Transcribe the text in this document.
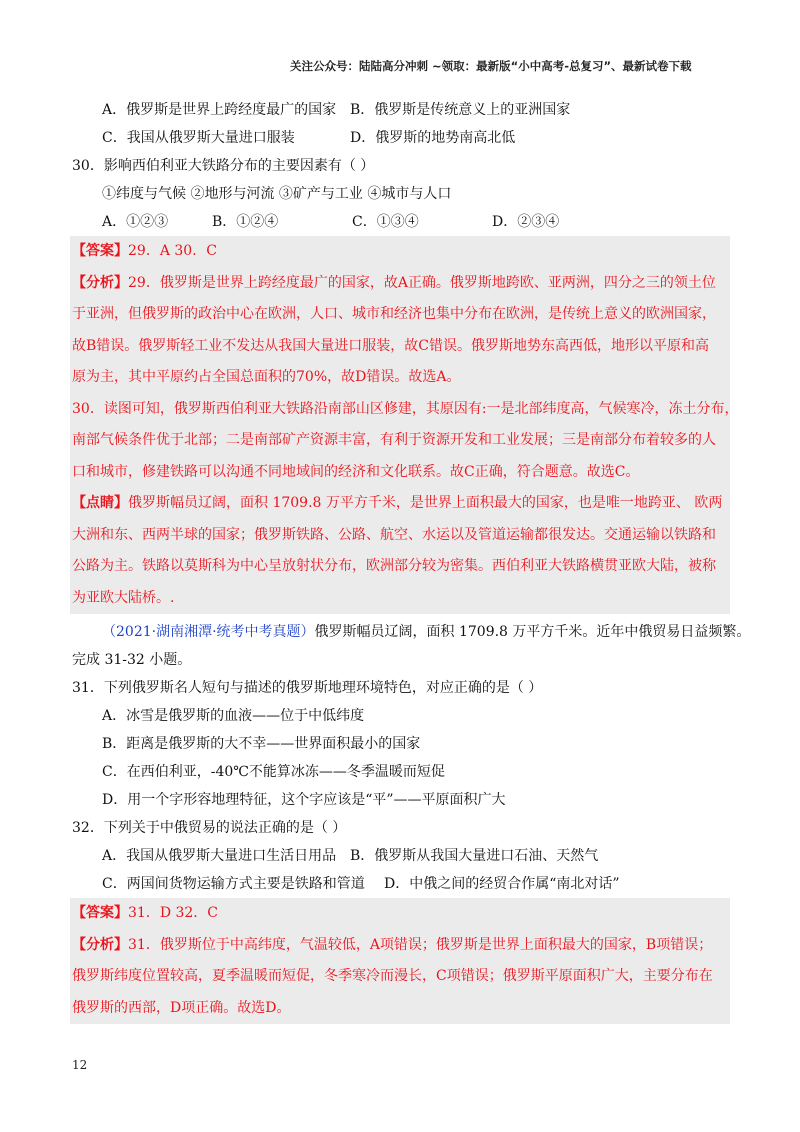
关注公众号：陆陆高分冲刺 ~领取：最新版“小中高考-总复习”、最新试卷下载
A．俄罗斯是世界上跨经度最广的国家 B．俄罗斯是传统意义上的亚洲国家
C．我国从俄罗斯大量进口服装	D．俄罗斯的地势南高北低
30．影响西伯利亚大铁路分布的主要因素有（ ）
①纬度与气候 ②地形与河流 ③矿产与工业 ④城市与人口
A．①②③	B．①②④	C．①③④	D．②③④
【答案】29．A 30．C
【分析】29．俄罗斯是世界上跨经度最广的国家，故A正确。俄罗斯地跨欧、亚两洲，四分之三的领土位
于亚洲，但俄罗斯的政治中心在欧洲，人口、城市和经济也集中分布在欧洲，是传统上意义的欧洲国家，
故B错误。俄罗斯轻工业不发达从我国大量进口服装，故C错误。俄罗斯地势东高西低，地形以平原和高
原为主，其中平原约占全国总面积的70%，故D错误。故选A。
30．读图可知，俄罗斯西伯利亚大铁路沿南部山区修建，其原因有:一是北部纬度高，气候寒冷，冻土分布，
南部气候条件优于北部；二是南部矿产资源丰富，有利于资源开发和工业发展；三是南部分布着较多的人
口和城市，修建铁路可以沟通不同地域间的经济和文化联系。故C正确，符合题意。故选C。
【点睛】俄罗斯幅员辽阔，面积 1709.8 万平方千米，是世界上面积最大的国家，也是唯一地跨亚、 欧两
大洲和东、西两半球的国家；俄罗斯铁路、公路、航空、水运以及管道运输都很发达。交通运输以铁路和
公路为主。铁路以莫斯科为中心呈放射状分布，欧洲部分较为密集。西伯利亚大铁路横贯亚欧大陆，被称
为亚欧大陆桥。.
（2021·湖南湘潭·统考中考真题）俄罗斯幅员辽阔，面积 1709.8 万平方千米。近年中俄贸易日益频繁。
完成 31-32 小题。
31．下列俄罗斯名人短句与描述的俄罗斯地理环境特色，对应正确的是（ ）
A．冰雪是俄罗斯的血液——位于中低纬度
B．距离是俄罗斯的大不幸——世界面积最小的国家
C．在西伯利亚，-40℃不能算冰冻——冬季温暖而短促
D．用一个字形容地理特征，这个字应该是“平”——平原面积广大
32．下列关于中俄贸易的说法正确的是（ ）
A．我国从俄罗斯大量进口生活日用品 B．俄罗斯从我国大量进口石油、天然气
C．两国间货物运输方式主要是铁路和管道 D．中俄之间的经贸合作属“南北对话”
【答案】31．D 32．C
【分析】31．俄罗斯位于中高纬度，气温较低，A项错误；俄罗斯是世界上面积最大的国家，B项错误；
俄罗斯纬度位置较高，夏季温暖而短促，冬季寒冷而漫长，C项错误；俄罗斯平原面积广大，主要分布在
俄罗斯的西部，D项正确。故选D。
12
